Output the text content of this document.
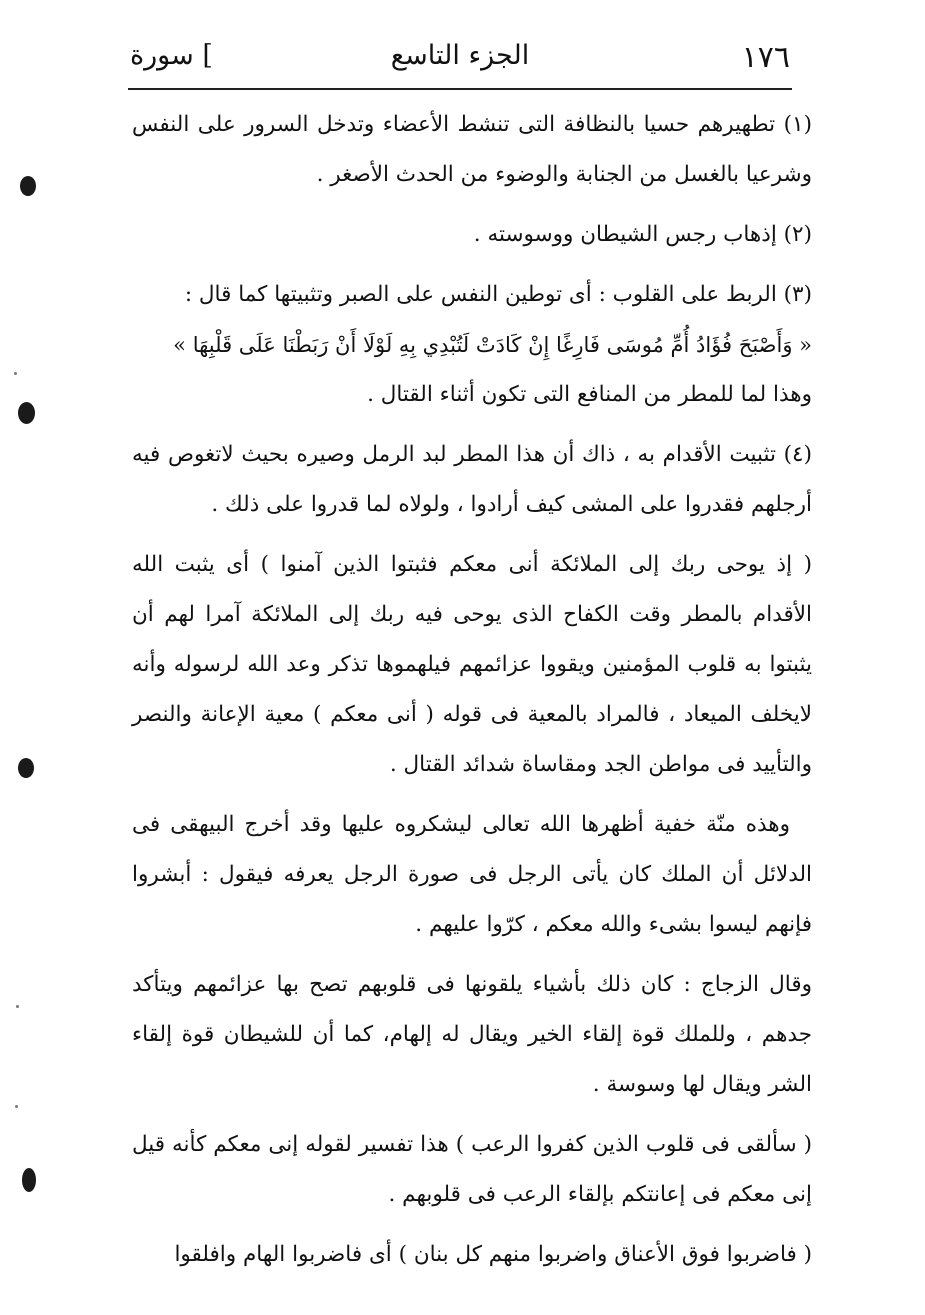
١٧٦
الجزء التاسع
سورة [

(١) تطهيرهم حسيا بالنظافة التى تنشط الأعضاء وتدخل السرور على النفس وشرعيا بالغسل من الجنابة والوضوء من الحدث الأصغر .

(٢) إذهاب رجس الشيطان ووسوسته .

(٣) الربط على القلوب : أى توطين النفس على الصبر وتثبيتها كما قال :

« وَأَصْبَحَ فُؤَادُ أُمِّ مُوسَى فَارِغًا إِنْ كَادَتْ لَتُبْدِي بِهِ لَوْلَا أَنْ رَبَطْنَا عَلَى قَلْبِهَا »

وهذا لما للمطر من المنافع التى تكون أثناء القتال .

(٤) تثبيت الأقدام به ، ذاك أن هذا المطر لبد الرمل وصيره بحيث لاتغوص فيه أرجلهم فقدروا على المشى كيف أرادوا ، ولولاه لما قدروا على ذلك .

( إذ يوحى ربك إلى الملائكة أنى معكم فثبتوا الذين آمنوا ) أى يثبت الله الأقدام بالمطر وقت الكفاح الذى يوحى فيه ربك إلى الملائكة آمرا لهم أن يثبتوا به قلوب المؤمنين ويقووا عزائمهم فيلهموها تذكر وعد الله لرسوله وأنه لايخلف الميعاد ، فالمراد بالمعية فى قوله ( أنى معكم ) معية الإعانة والنصر والتأييد فى مواطن الجد ومقاساة شدائد القتال .

وهذه منّة خفية أظهرها الله تعالى ليشكروه عليها وقد أخرج البيهقى فى الدلائل أن الملك كان يأتى الرجل فى صورة الرجل يعرفه فيقول : أبشروا فإنهم ليسوا بشىء والله معكم ، كرّوا عليهم .

وقال الزجاج : كان ذلك بأشياء يلقونها فى قلوبهم تصح بها عزائمهم ويتأكد جدهم ، وللملك قوة إلقاء الخير ويقال له إلهام، كما أن للشيطان قوة إلقاء الشر ويقال لها وسوسة .

( سألقى فى قلوب الذين كفروا الرعب ) هذا تفسير لقوله إنى معكم كأنه قيل إنى معكم فى إعانتكم بإلقاء الرعب فى قلوبهم .

( فاضربوا فوق الأعناق واضربوا منهم كل بنان ) أى فاضربوا الهام وافلقوا
